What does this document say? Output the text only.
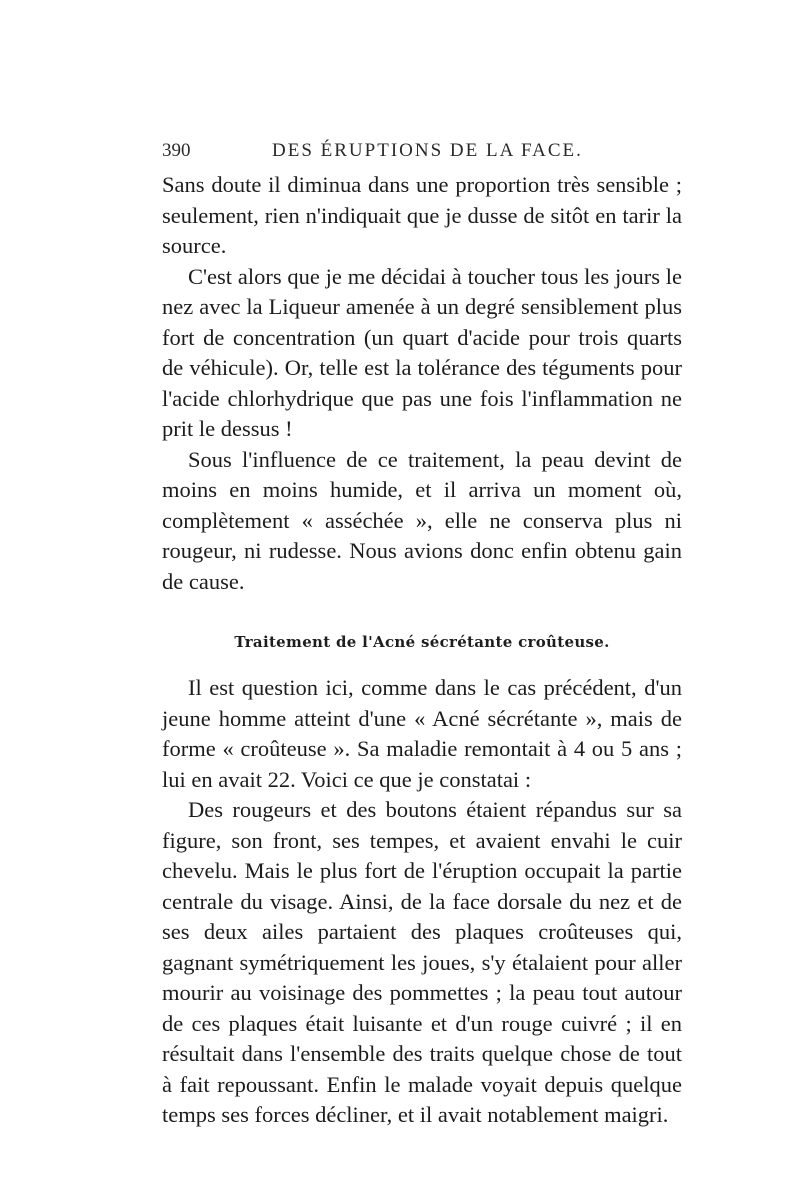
390	DES ÉRUPTIONS DE LA FACE.

Sans doute il diminua dans une proportion très sensible ; seulement, rien n'indiquait que je dusse de sitôt en tarir la source.

C'est alors que je me décidai à toucher tous les jours le nez avec la Liqueur amenée à un degré sensiblement plus fort de concentration (un quart d'acide pour trois quarts de véhicule). Or, telle est la tolérance des téguments pour l'acide chlorhydrique que pas une fois l'inflammation ne prit le dessus !

Sous l'influence de ce traitement, la peau devint de moins en moins humide, et il arriva un moment où, complètement « asséchée », elle ne conserva plus ni rougeur, ni rudesse. Nous avions donc enfin obtenu gain de cause.

Traitement de l'Acné sécrétante croûteuse.

Il est question ici, comme dans le cas précédent, d'un jeune homme atteint d'une « Acné sécrétante », mais de forme « croûteuse ». Sa maladie remontait à 4 ou 5 ans ; lui en avait 22. Voici ce que je constatai :

Des rougeurs et des boutons étaient répandus sur sa figure, son front, ses tempes, et avaient envahi le cuir chevelu. Mais le plus fort de l'éruption occupait la partie centrale du visage. Ainsi, de la face dorsale du nez et de ses deux ailes partaient des plaques croûteuses qui, gagnant symétriquement les joues, s'y étalaient pour aller mourir au voisinage des pommettes ; la peau tout autour de ces plaques était luisante et d'un rouge cuivré ; il en résultait dans l'ensemble des traits quelque chose de tout à fait repoussant. Enfin le malade voyait depuis quelque temps ses forces décliner, et il avait notablement maigri.
